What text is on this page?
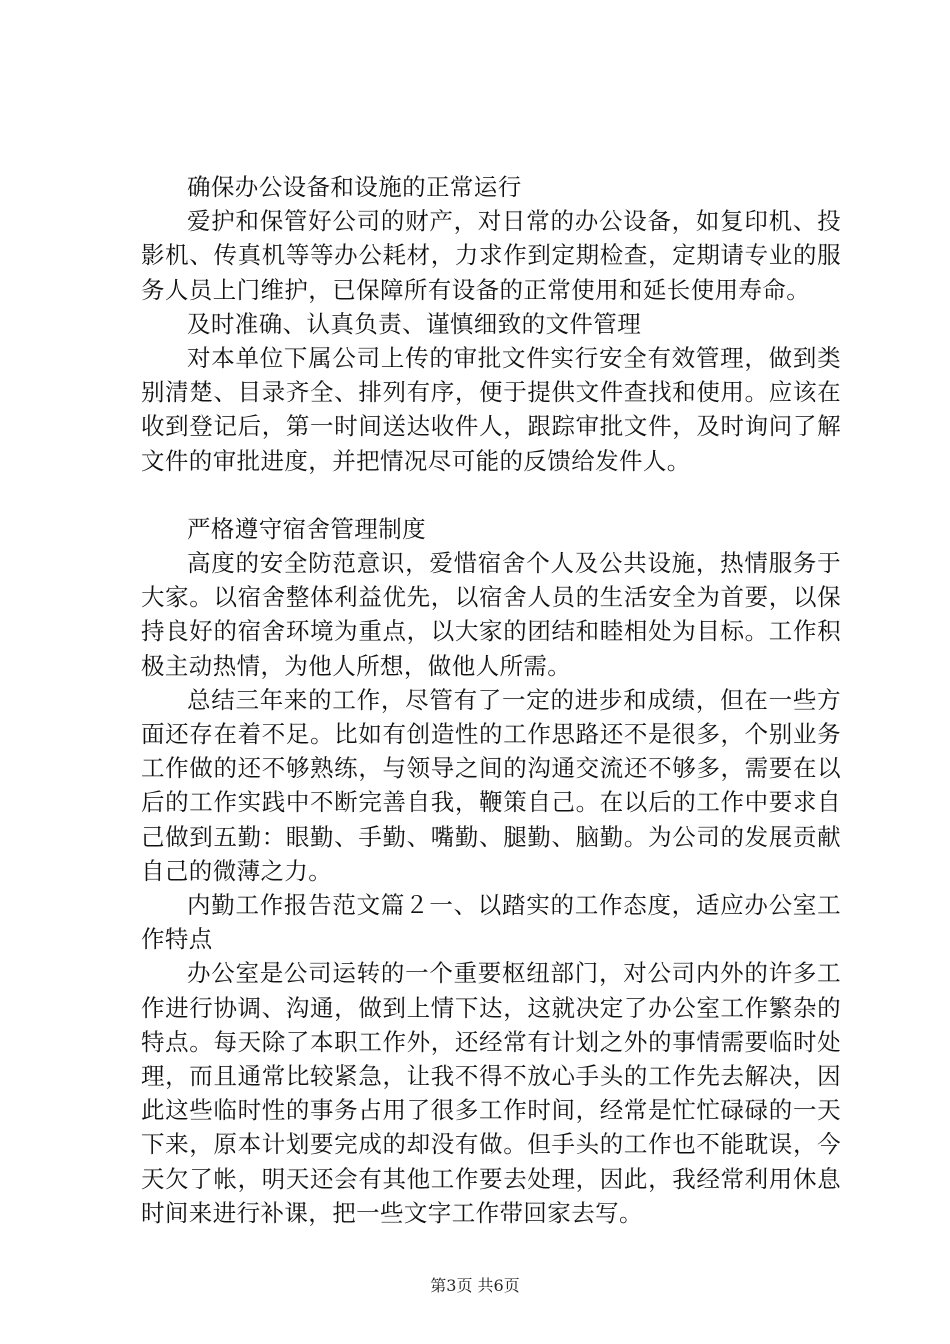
确保办公设备和设施的正常运行

爱护和保管好公司的财产，对日常的办公设备，如复印机、投影机、传真机等等办公耗材，力求作到定期检查，定期请专业的服务人员上门维护，已保障所有设备的正常使用和延长使用寿命。

及时准确、认真负责、谨慎细致的文件管理

对本单位下属公司上传的审批文件实行安全有效管理，做到类别清楚、目录齐全、排列有序，便于提供文件查找和使用。应该在收到登记后，第一时间送达收件人，跟踪审批文件，及时询问了解文件的审批进度，并把情况尽可能的反馈给发件人。

严格遵守宿舍管理制度

高度的安全防范意识，爱惜宿舍个人及公共设施，热情服务于大家。以宿舍整体利益优先，以宿舍人员的生活安全为首要，以保持良好的宿舍环境为重点，以大家的团结和睦相处为目标。工作积极主动热情，为他人所想，做他人所需。

总结三年来的工作，尽管有了一定的进步和成绩，但在一些方面还存在着不足。比如有创造性的工作思路还不是很多，个别业务工作做的还不够熟练，与领导之间的沟通交流还不够多，需要在以后的工作实践中不断完善自我，鞭策自己。在以后的工作中要求自己做到五勤：眼勤、手勤、嘴勤、腿勤、脑勤。为公司的发展贡献自己的微薄之力。

内勤工作报告范文篇２一、以踏实的工作态度，适应办公室工作特点

办公室是公司运转的一个重要枢纽部门，对公司内外的许多工作进行协调、沟通，做到上情下达，这就决定了办公室工作繁杂的特点。每天除了本职工作外，还经常有计划之外的事情需要临时处理，而且通常比较紧急，让我不得不放心手头的工作先去解决，因此这些临时性的事务占用了很多工作时间，经常是忙忙碌碌的一天下来，原本计划要完成的却没有做。但手头的工作也不能耽误，今天欠了帐，明天还会有其他工作要去处理，因此，我经常利用休息时间来进行补课，把一些文字工作带回家去写。

第3页 共6页
